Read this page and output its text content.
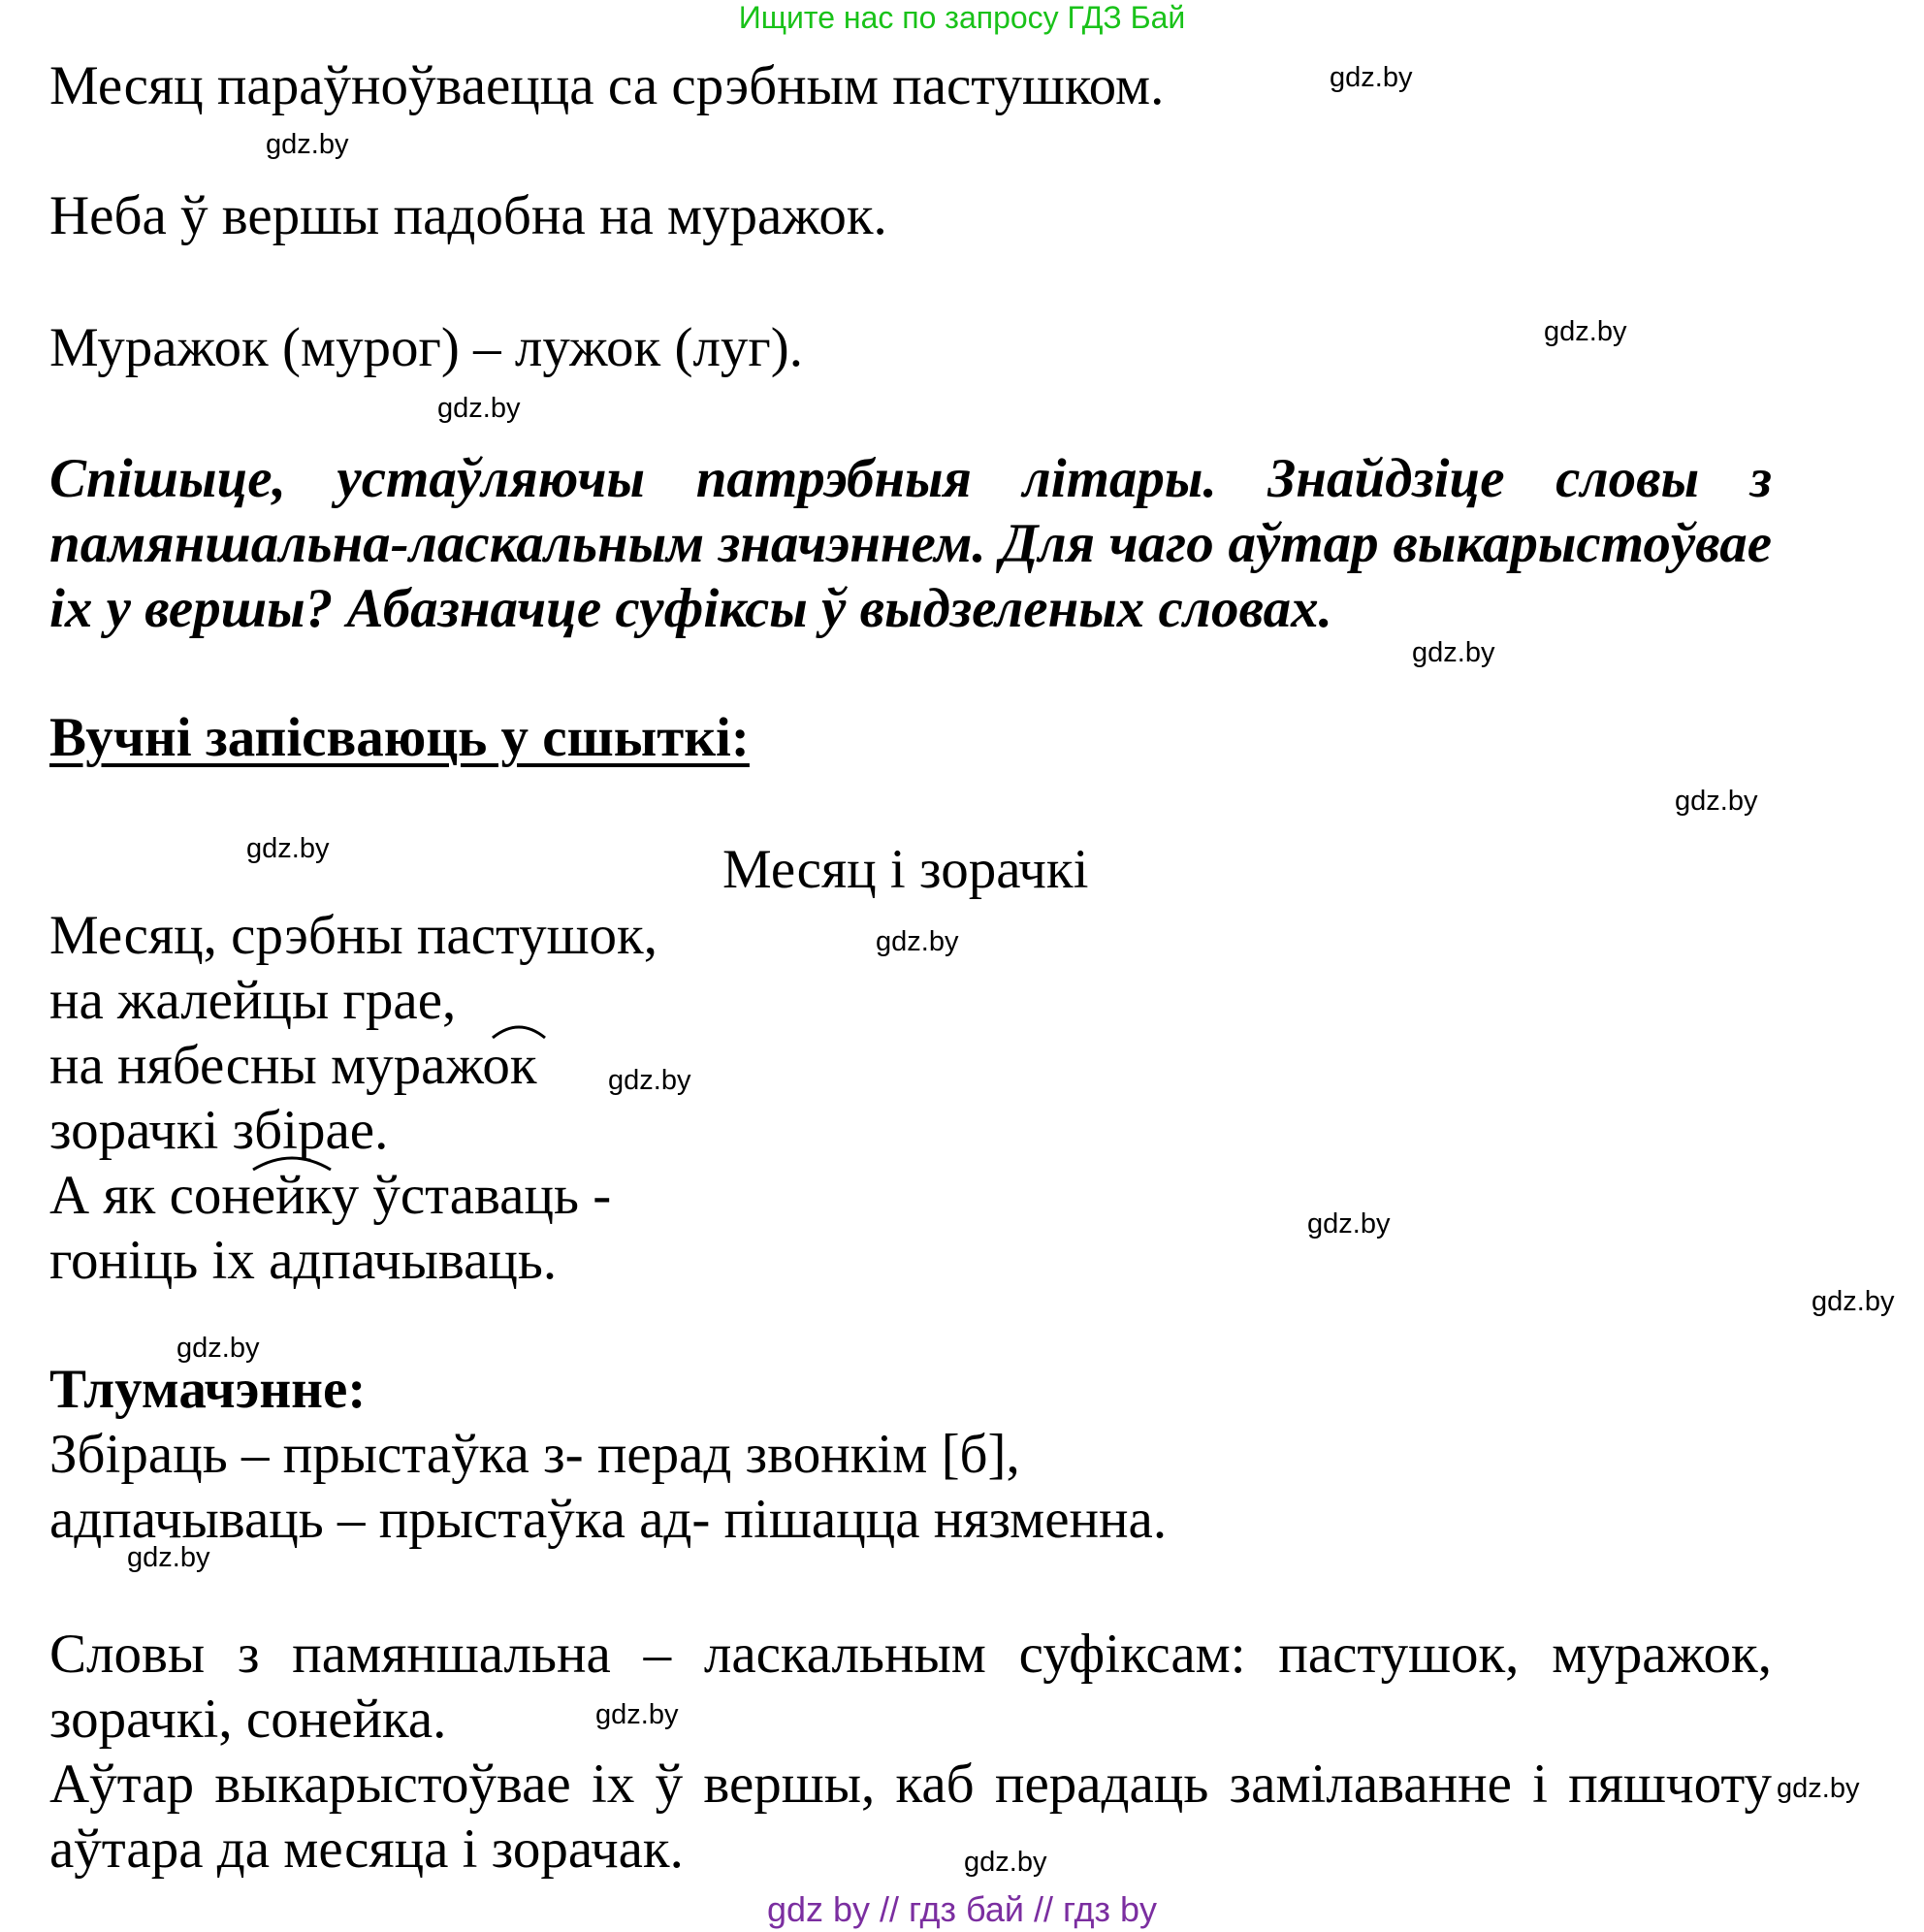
Ищите нас по запросу ГДЗ Бай
Месяц параўноўваецца са срэбным пастушком.
Неба ў вершы падобна на муражок.
Муражок (мурог) – лужок (луг).
Спішыце, устаўляючы патрэбныя літары. Знайдзіце словы з памяншальна-ласкальным значэннем. Для чаго аўтар выкарыстоўвае іх у вершы? Абазначце суфіксы ў выдзеленых словах.
Вучні запісваюць у сшыткі:
Месяц і зорачкі
Месяц, срэбны пастушок,
на жалейцы грае,
на нябесны муражок
зорачкі збірае.
А як сонейку ўставаць -
гоніць іх адпачываць.
Тлумачэнне:
Збіраць – прыстаўка з- перад звонкім [б],
адпачываць – прыстаўка ад- пішацца нязменна.
Словы з памяншальна – ласкальным суфіксам: пастушок, муражок, зорачкі, сонейка.
Аўтар выкарыстоўвае іх ў вершы, каб перадаць замілаванне і пяшчоту аўтара да месяца і зорачак.
gdz.by
gdz.by
gdz.by
gdz.by
gdz.by
gdz.by
gdz.by
gdz.by
gdz.by
gdz.by
gdz.by
gdz.by
gdz.by
gdz.by
gdz.by
gdz.by
gdz by // гдз бай // гдз by
